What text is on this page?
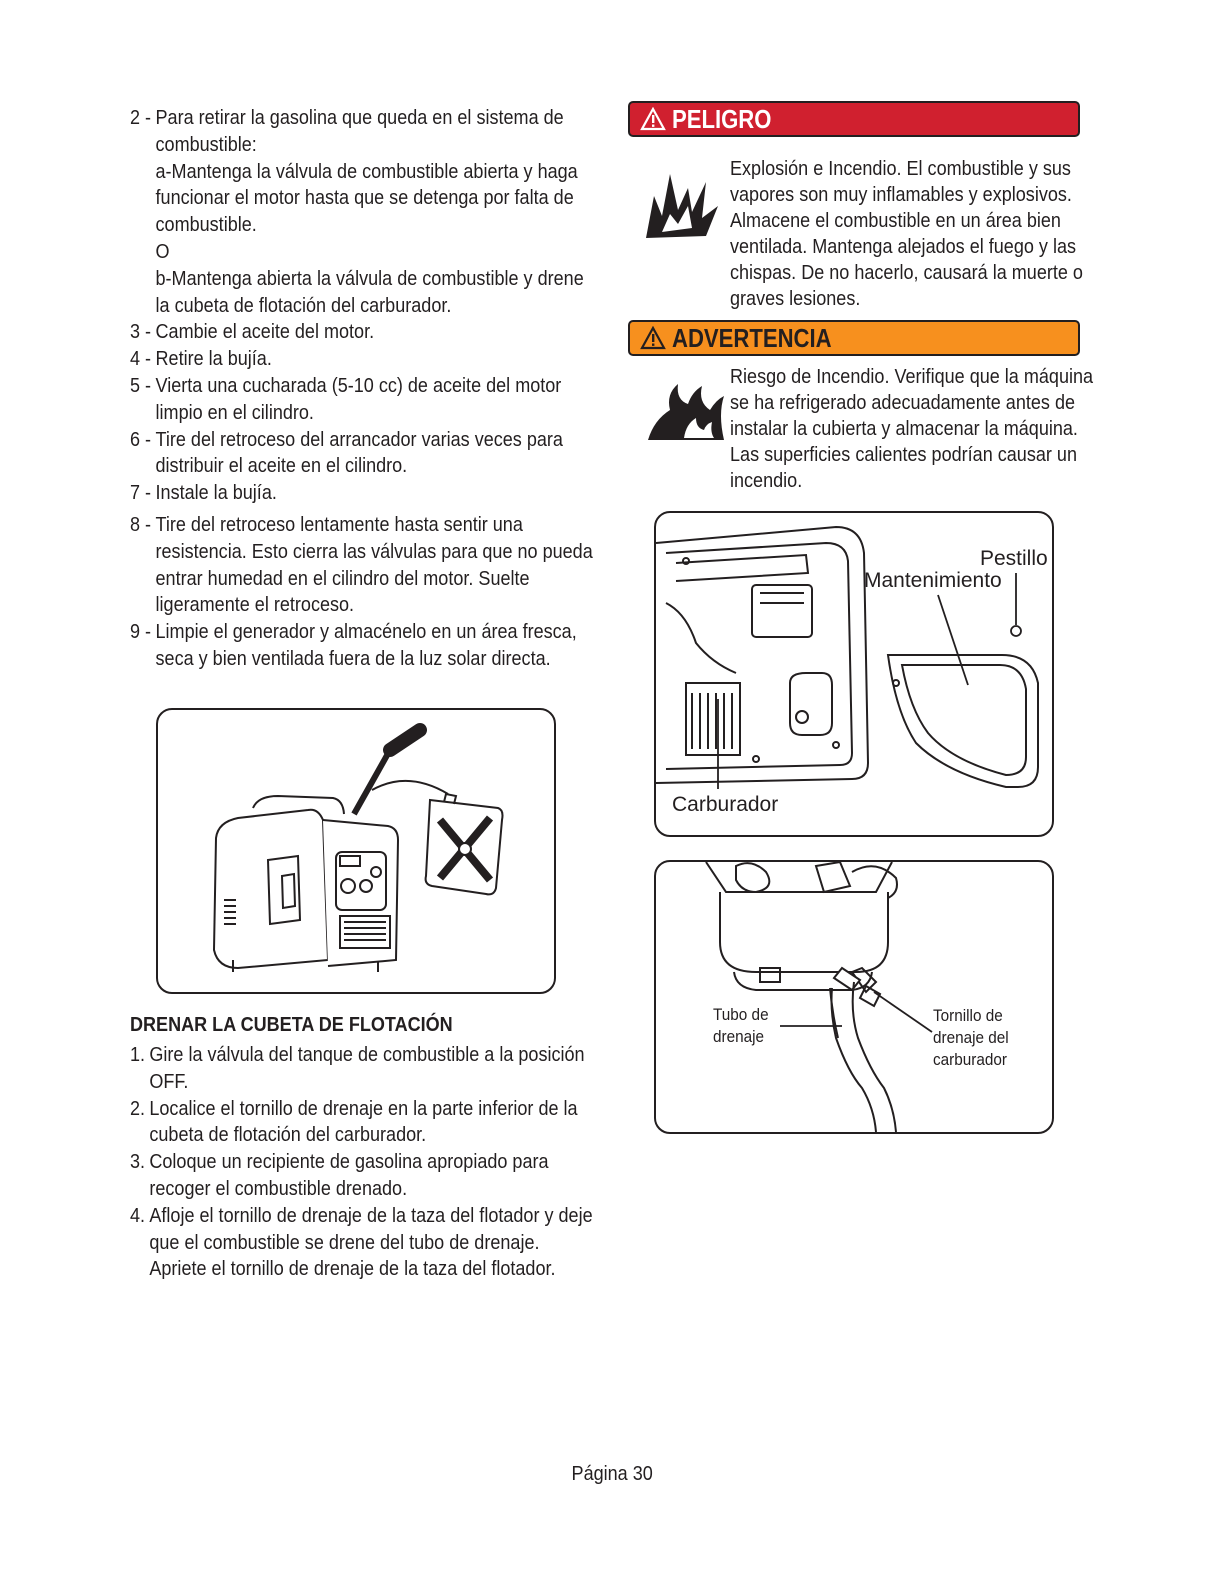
2 - Para retirar la gasolina que queda en el sistema de combustible:
a-Mantenga la válvula de combustible abierta y haga funcionar el motor hasta que se detenga por falta de combustible.
O
b-Mantenga abierta la válvula de combustible y drene la cubeta de flotación del carburador.
3 - Cambie el aceite del motor.
4 - Retire la bujía.
5 - Vierta una cucharada (5-10 cc) de aceite del motor limpio en el cilindro.
6 - Tire del retroceso del arrancador varias veces para distribuir el aceite en el cilindro.
7 - Instale la bujía.
8 - Tire del retroceso lentamente hasta sentir una resistencia. Esto cierra las válvulas para que no pueda entrar humedad en el cilindro del motor. Suelte ligeramente el retroceso.
9 - Limpie el generador y almacénelo en un área fresca, seca y bien ventilada fuera de la luz solar directa.
DRENAR LA CUBETA DE FLOTACIÓN
1. Gire la válvula del tanque de combustible a la posición OFF.
2. Localice el tornillo de drenaje en la parte inferior de la cubeta de flotación del carburador.
3. Coloque un recipiente de gasolina apropiado para recoger el combustible drenado.
4. Afloje el tornillo de drenaje de la taza del flotador y deje que el combustible se drene del tubo de drenaje. Apriete el tornillo de drenaje de la taza del flotador.
PELIGRO
Explosión e Incendio. El combustible y sus vapores son muy inflamables y explosivos. Almacene el combustible en un área bien ventilada. Mantenga alejados el fuego y las chispas. De no hacerlo, causará la muerte o graves lesiones.
ADVERTENCIA
Riesgo de Incendio. Verifique que la máquina se ha refrigerado adecuadamente antes de instalar la cubierta y almacenar la máquina. Las superficies calientes podrían causar un incendio.
Pestillo
Mantenimiento
Carburador
Tubo de
drenaje
Tornillo de
drenaje del
carburador
Página 30
